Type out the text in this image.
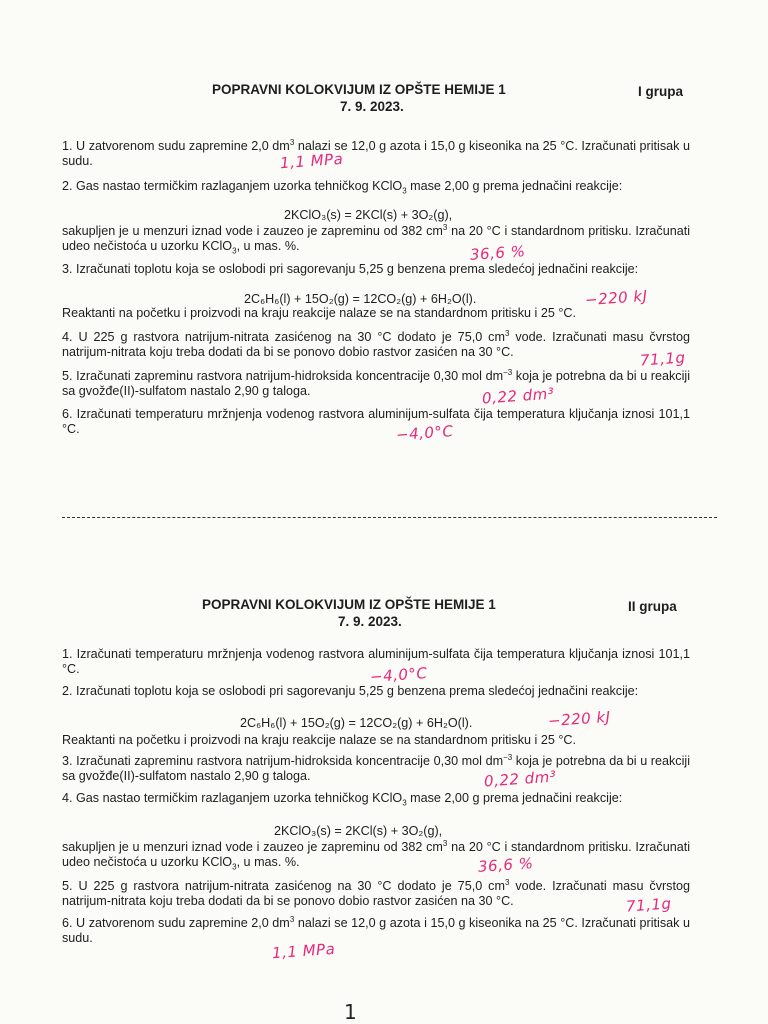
POPRAVNI KOLOKVIJUM IZ OPŠTE HEMIJE 1	I grupa
7. 9. 2023.
1. U zatvorenom sudu zapremine 2,0 $dm^3$ nalazi se 12,0 g azota i 15,0 g kiseonika na 25 °C. Izračunati pritisak u sudu.	1,1 MPa
2. Gas nastao termičkim razlaganjem uzorka tehničkog KClO$_3$ mase 2,00 g prema jednačini reakcije:
2KClO₃(s) = 2KCl(s) + 3O₂(g),
sakupljen je u menzuri iznad vode i zauzeo je zapreminu od 382 $cm^3$ na 20 °C i standardnom pritisku. Izračunati udeo nečistoća u uzorku KClO$_3$, u mas. %.	36,6 %
3. Izračunati toplotu koja se oslobodi pri sagorevanju 5,25 g benzena prema sledećoj jednačini reakcije:
2C₆H₆(l) + 15O₂(g) = 12CO₂(g) + 6H₂O(l).	−220 kJ
Reaktanti na početku i proizvodi na kraju reakcije nalaze se na standardnom pritisku i 25 °C.
4. U 225 g rastvora natrijum-nitrata zasićenog na 30 °C dodato je 75,0 $cm^3$ vode. Izračunati masu čvrstog natrijum-nitrata koju treba dodati da bi se ponovo dobio rastvor zasićen na 30 °C.	71,1g
5. Izračunati zapreminu rastvora natrijum-hidroksida koncentracije 0,30 mol $dm^{-3}$ koja je potrebna da bi u reakciji sa gvožđe(II)-sulfatom nastalo 2,90 g taloga.	0,22 dm³
6. Izračunati temperaturu mržnjenja vodenog rastvora aluminijum-sulfata čija temperatura ključanja iznosi 101,1 °C.	−4,0°C
POPRAVNI KOLOKVIJUM IZ OPŠTE HEMIJE 1	II grupa
7. 9. 2023.
1. Izračunati temperaturu mržnjenja vodenog rastvora aluminijum-sulfata čija temperatura ključanja iznosi 101,1 °C.	−4,0°C
2. Izračunati toplotu koja se oslobodi pri sagorevanju 5,25 g benzena prema sledećoj jednačini reakcije:
2C₆H₆(l) + 15O₂(g) = 12CO₂(g) + 6H₂O(l).	−220 kJ
Reaktanti na početku i proizvodi na kraju reakcije nalaze se na standardnom pritisku i 25 °C.
3. Izračunati zapreminu rastvora natrijum-hidroksida koncentracije 0,30 mol $dm^{-3}$ koja je potrebna da bi u reakciji sa gvožđe(II)-sulfatom nastalo 2,90 g taloga.	0,22 dm³
4. Gas nastao termičkim razlaganjem uzorka tehničkog KClO$_3$ mase 2,00 g prema jednačini reakcije:
2KClO₃(s) = 2KCl(s) + 3O₂(g),
sakupljen je u menzuri iznad vode i zauzeo je zapreminu od 382 $cm^3$ na 20 °C i standardnom pritisku. Izračunati udeo nečistoća u uzorku KClO$_3$, u mas. %.	36,6 %
5. U 225 g rastvora natrijum-nitrata zasićenog na 30 °C dodato je 75,0 $cm^3$ vode. Izračunati masu čvrstog natrijum-nitrata koju treba dodati da bi se ponovo dobio rastvor zasićen na 30 °C.	71,1g
6. U zatvorenom sudu zapremine 2,0 $dm^3$ nalazi se 12,0 g azota i 15,0 g kiseonika na 25 °C. Izračunati pritisak u sudu.
1,1 MPa
1
